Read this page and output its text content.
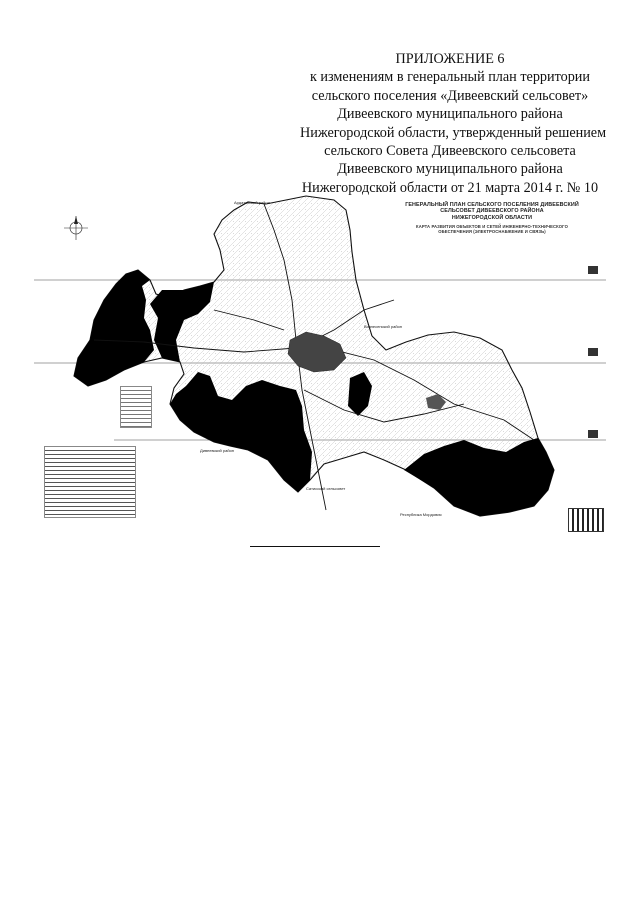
ПРИЛОЖЕНИЕ 6
к изменениям в генеральный план территории
сельского поселения «Дивеевский сельсовет»
Дивеевского муниципального района
Нижегородской области, утвержденный решением
сельского Совета Дивеевского сельсовета
Дивеевского муниципального района
Нижегородской области от 21 марта 2014 г. № 10
ГЕНЕРАЛЬНЫЙ ПЛАН СЕЛЬСКОГО ПОСЕЛЕНИЯ ДИВЕЕВСКИЙ
СЕЛЬСОВЕТ ДИВЕЕВСКОГО РАЙОНА
НИЖЕГОРОДСКОЙ ОБЛАСТИ
КАРТА РАЗВИТИЯ ОБЪЕКТОВ И СЕТЕЙ ИНЖЕНЕРНО-ТЕХНИЧЕСКОГО
ОБЕСПЕЧЕНИЯ (ЭЛЕКТРОСНАБЖЕНИЕ И СВЯЗЬ)
Ардатовский район
Вознесенский район
Дивеевский район
Сатисский сельсовет
Республика Мордовия
